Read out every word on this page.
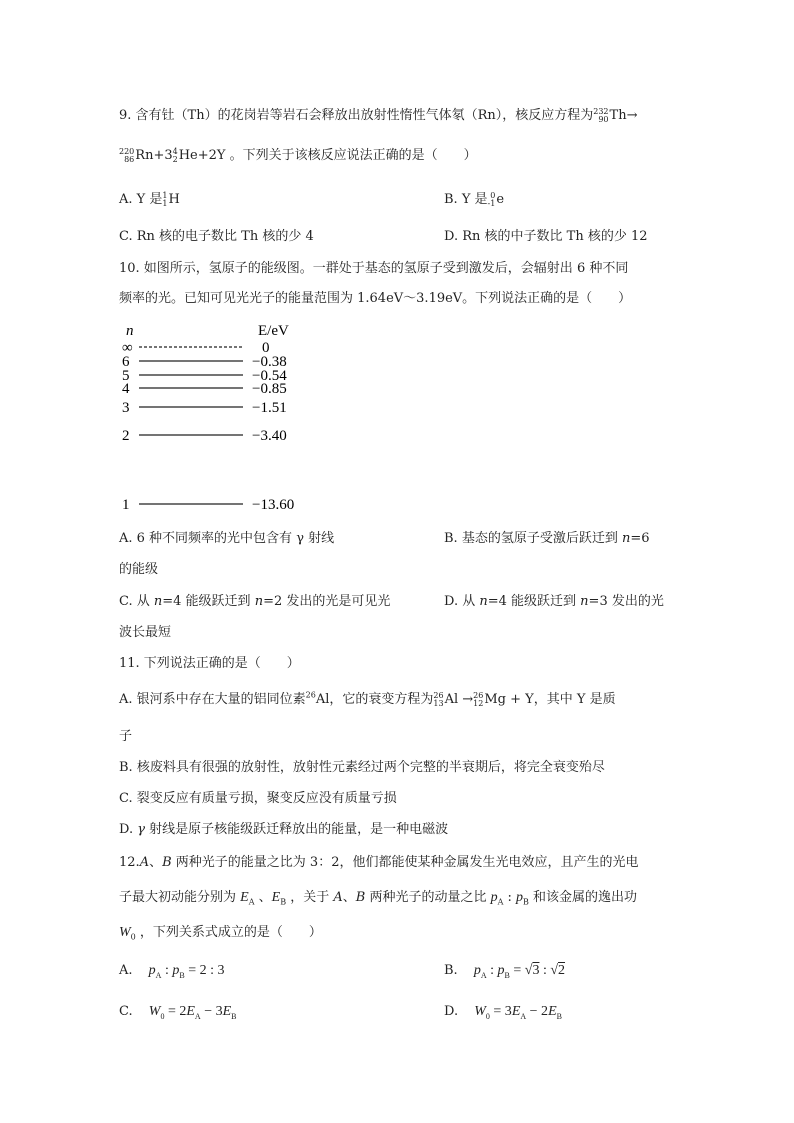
9. 含有钍（Th）的花岗岩等岩石会释放出放射性惰性气体氡（Rn），核反应方程为 232
90 Th→
220
86 Rn+3 4
2 He+2Y 。下列关于该核反应说法正确的是（　　）
A. Y 是 1
1 H	B. Y 是 0
-1 e
C. Rn 核的电子数比 Th 核的少 4	D. Rn 核的中子数比 Th 核的少 12
10. 如图所示，氢原子的能级图。一群处于基态的氢原子受到激发后，会辐射出 6 种不同
频率的光。已知可见光光子的能量范围为 1.64eV～3.19eV。下列说法正确的是（　　）
n	E/eV
∞	0
6	−0.38
5	−0.54
4	−0.85
3	−1.51
2	−3.40
1	−13.60
A. 6 种不同频率的光中包含有 γ 射线
的能级
B. 基态的氢原子受激后跃迁到 n=6
C. 从 n=4 能级跃迁到 n=2 发出的光是可见光
波长最短
D. 从 n=4 能级跃迁到 n=3 发出的光
11. 下列说法正确的是（　　）
A. 银河系中存在大量的铝同位素$^{26}$Al，它的衰变方程为 26
13 Al → 26
12 Mg + Y，其中 Y 是质
子
B. 核废料具有很强的放射性，放射性元素经过两个完整的半衰期后，将完全衰变殆尽
C. 裂变反应有质量亏损，聚变反应没有质量亏损
D. γ 射线是原子核能级跃迁释放出的能量，是一种电磁波
12.A、B 两种光子的能量之比为 3：2，他们都能使某种金属发生光电效应，且产生的光电
子最大初动能分别为 $E_A$ 、$E_B$ ，关于 A、B 两种光子的动量之比 $p_A$ : $p_B$ 和该金属的逸出功
$W_0$ ，下列关系式成立的是（　　）
A. $p_A$ : $p_B = 2$ : 3	B. $p_A$ : $p_B = √3$ : √2
C. $W_0 = 2E_A - 3E_B$	D. $W_0 = 3E_A - 2E_B$
